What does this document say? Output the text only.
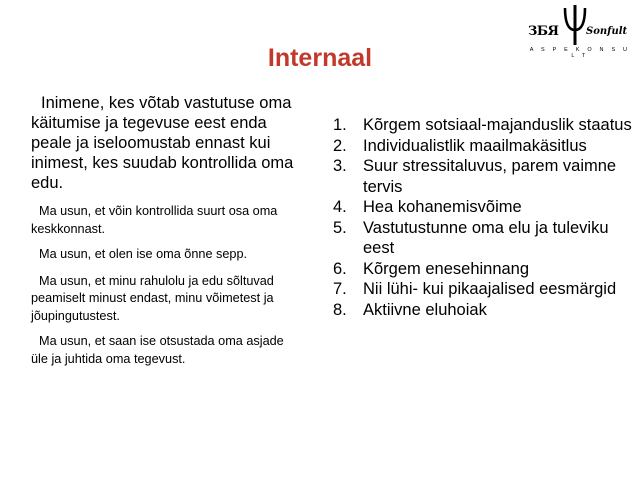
ЗБЯ	Sonfult
A S P E K O N S U L T
Internaal

Inimene, kes võtab vastutuse oma käitumise ja tegevuse eest enda peale ja iseloomustab ennast kui inimest, kes suudab kontrollida oma edu.

Ma usun, et võin kontrollida suurt osa oma keskkonnast.

Ma usun, et olen ise oma õnne sepp.

Ma usun, et minu rahulolu ja edu sõltuvad peamiselt minust endast, minu võimetest ja jõupingutustest.

Ma usun, et saan ise otsustada oma asjade üle ja juhtida oma tegevust.

1. Kõrgem sotsiaal-majanduslik staatus
2. Individualistlik maailmakäsitlus
3. Suur stressitaluvus, parem vaimne tervis
4. Hea kohanemisvõime
5. Vastutustunne oma elu ja tuleviku eest
6. Kõrgem enesehinnang
7. Nii lühi- kui pikaajalised eesmärgid
8. Aktiivne eluhoiak
